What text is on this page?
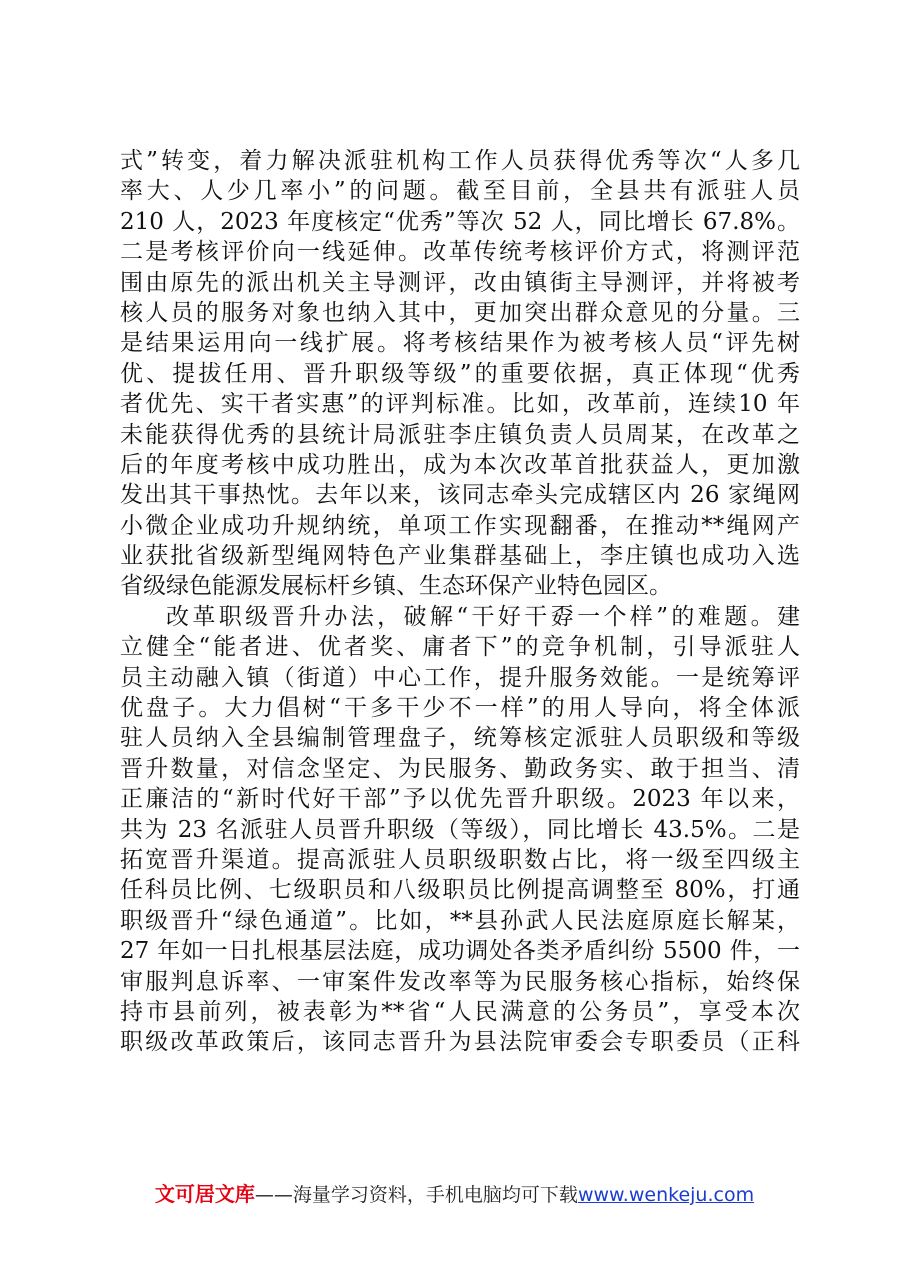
式”转变，着力解决派驻机构工作人员获得优秀等次“人多几
率大、人少几率小”的问题。截至目前，全县共有派驻人员
210 人，2023 年度核定“优秀”等次 52 人，同比增长 67.8%。
二是考核评价向一线延伸。改革传统考核评价方式，将测评范
围由原先的派出机关主导测评，改由镇街主导测评，并将被考
核人员的服务对象也纳入其中，更加突出群众意见的分量。三
是结果运用向一线扩展。将考核结果作为被考核人员“评先树
优、提拔任用、晋升职级等级”的重要依据，真正体现“优秀
者优先、实干者实惠”的评判标准。比如，改革前，连续10 年
未能获得优秀的县统计局派驻李庄镇负责人员周某，在改革之
后的年度考核中成功胜出，成为本次改革首批获益人，更加激
发出其干事热忱。去年以来，该同志牵头完成辖区内 26 家绳网
小微企业成功升规纳统，单项工作实现翻番，在推动**绳网产
业获批省级新型绳网特色产业集群基础上，李庄镇也成功入选
省级绿色能源发展标杆乡镇、生态环保产业特色园区。
改革职级晋升办法，破解“干好干孬一个样”的难题。建
立健全“能者进、优者奖、庸者下”的竞争机制，引导派驻人
员主动融入镇（街道）中心工作，提升服务效能。一是统筹评
优盘子。大力倡树“干多干少不一样”的用人导向，将全体派
驻人员纳入全县编制管理盘子，统筹核定派驻人员职级和等级
晋升数量，对信念坚定、为民服务、勤政务实、敢于担当、清
正廉洁的“新时代好干部”予以优先晋升职级。2023 年以来，
共为 23 名派驻人员晋升职级（等级），同比增长 43.5%。二是
拓宽晋升渠道。提高派驻人员职级职数占比，将一级至四级主
任科员比例、七级职员和八级职员比例提高调整至 80%，打通
职级晋升“绿色通道”。比如，**县孙武人民法庭原庭长解某，
27 年如一日扎根基层法庭，成功调处各类矛盾纠纷 5500 件，一
审服判息诉率、一审案件发改率等为民服务核心指标，始终保
持市县前列，被表彰为**省“人民满意的公务员”，享受本次
职级改革政策后，该同志晋升为县法院审委会专职委员（正科
文可居文库——海量学习资料，手机电脑均可下载www.wenkeju.com
